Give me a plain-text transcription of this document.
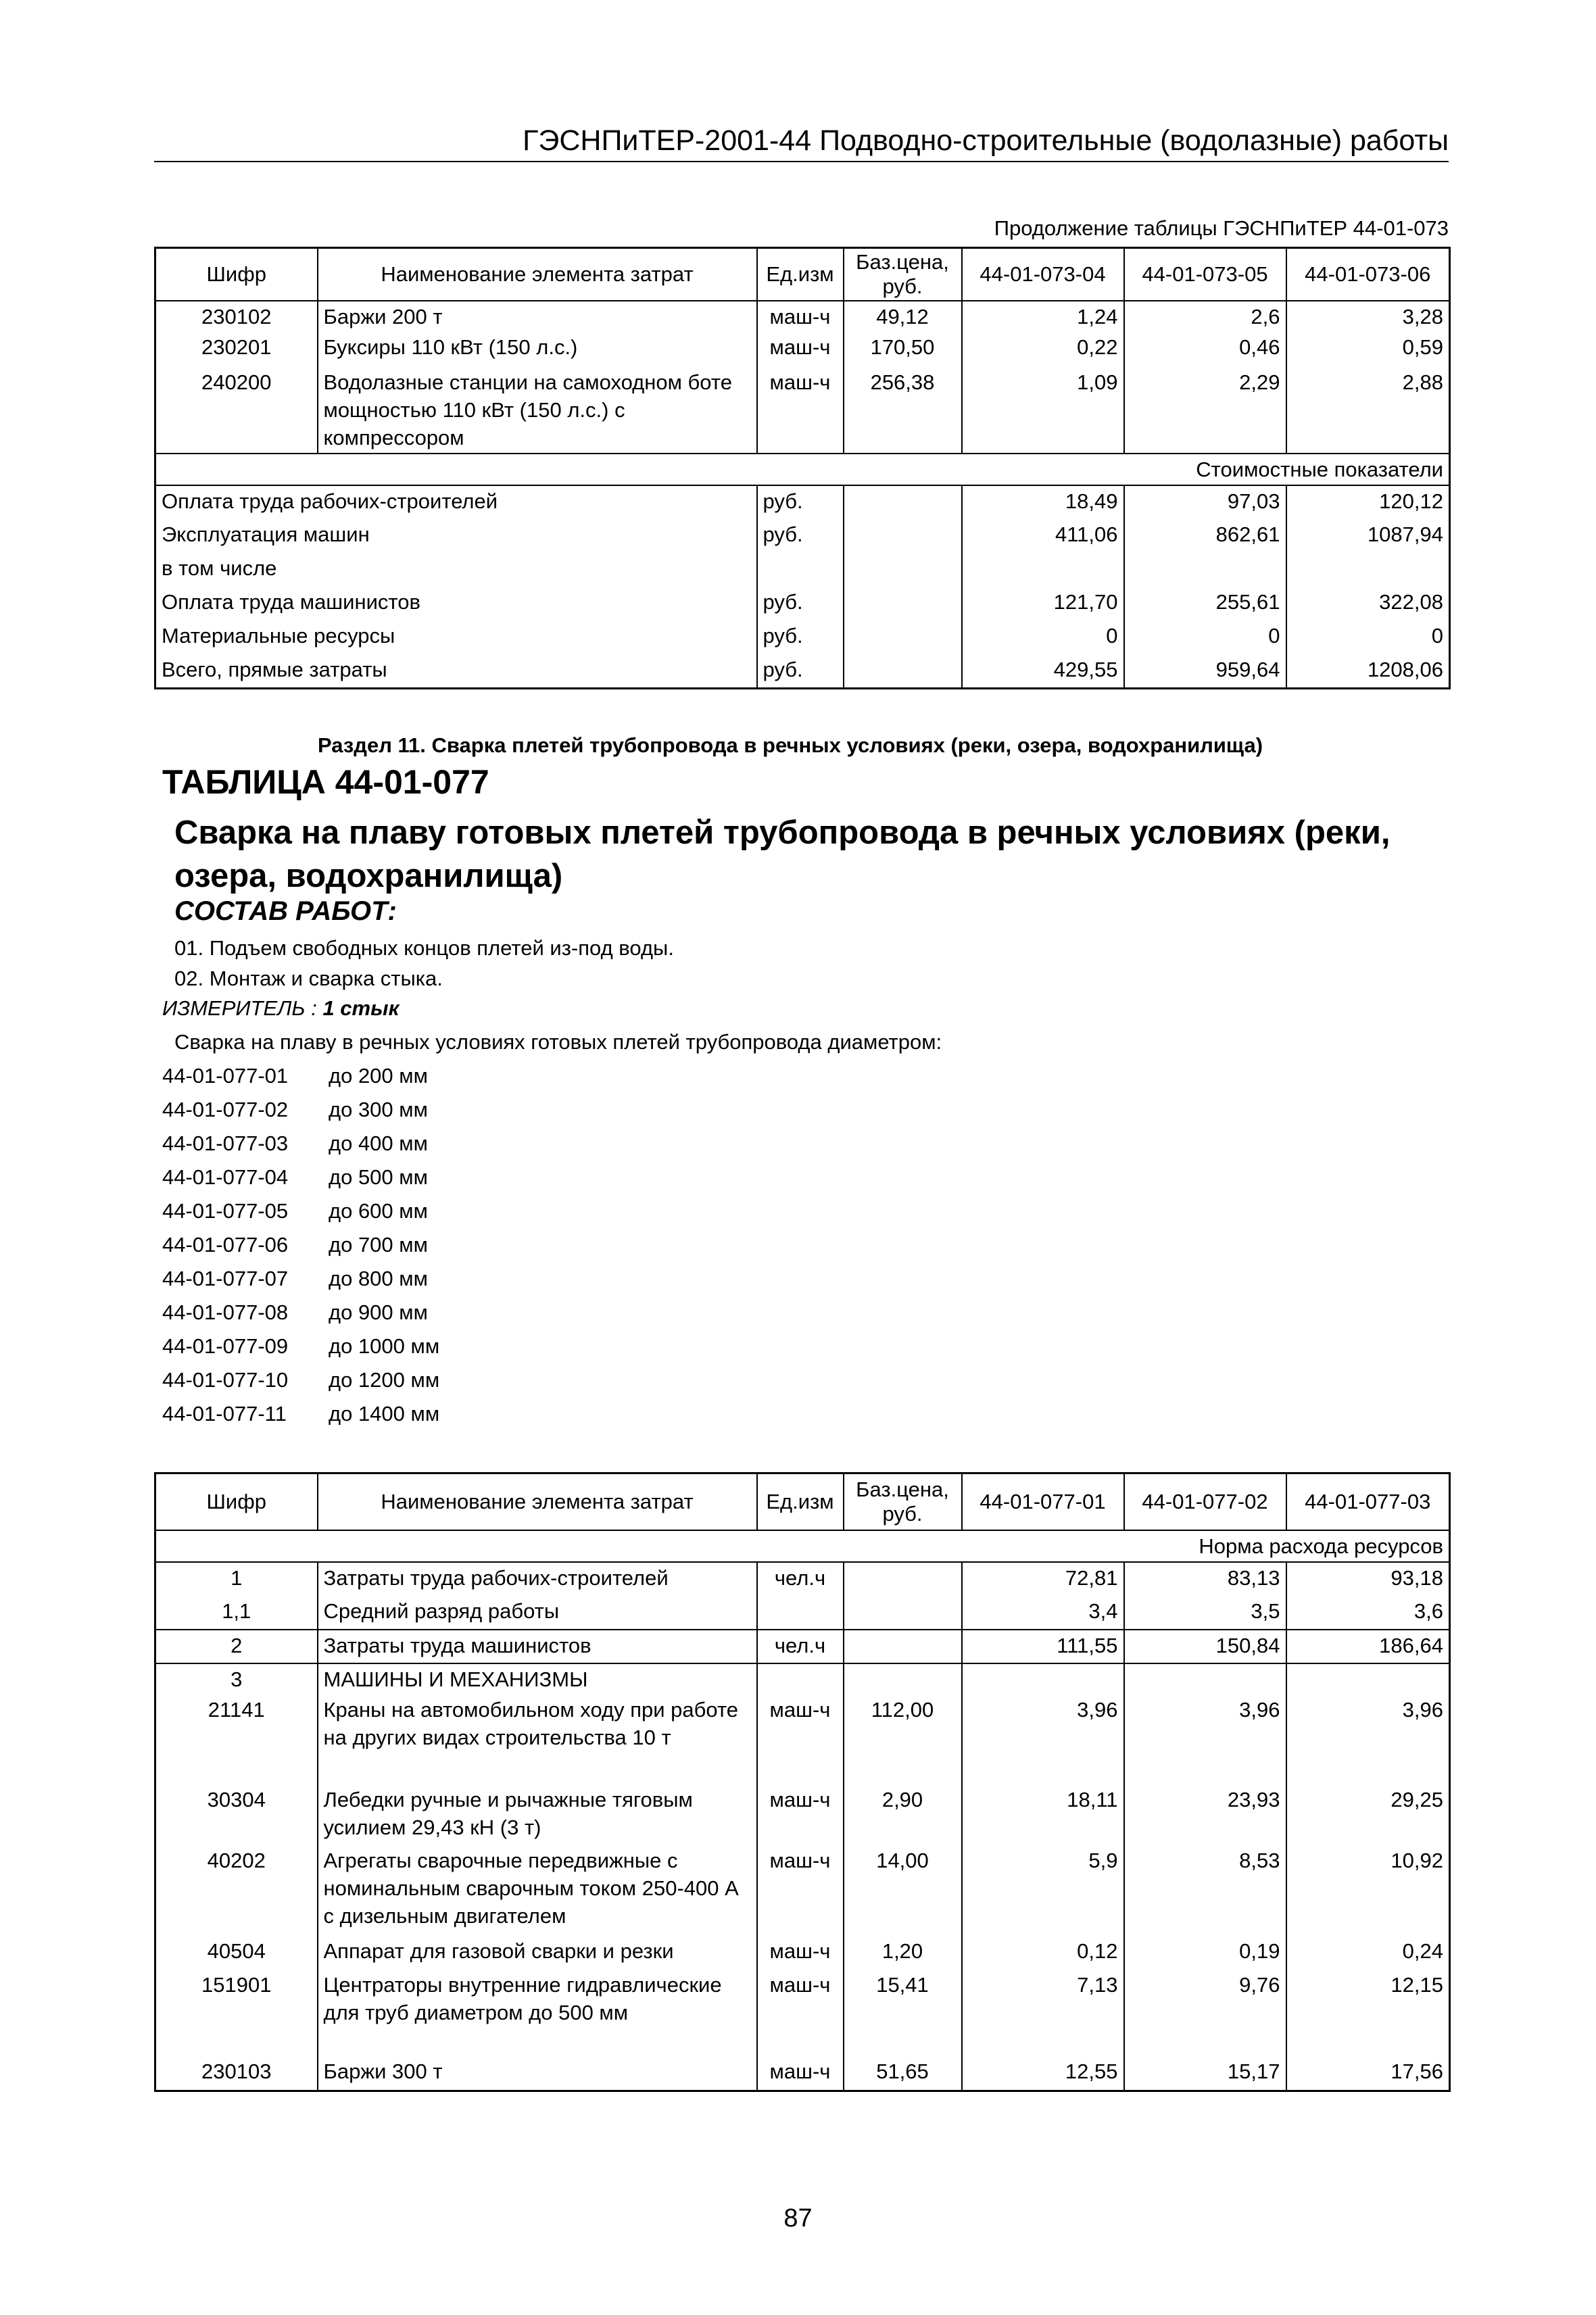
ГЭСНПиТЕР-2001-44 Подводно-строительные (водолазные) работы
Продолжение таблицы ГЭСНПиТЕР 44-01-073
Шифр	Наименование элемента затрат	Ед.изм	Баз.цена, руб.	44-01-073-04	44-01-073-05	44-01-073-06
230102	Баржи 200 т	маш-ч	49,12	1,24	2,6	3,28
230201	Буксиры 110 кВт (150 л.с.)	маш-ч	170,50	0,22	0,46	0,59
240200	Водолазные станции на самоходном боте мощностью 110 кВт (150 л.с.) с компрессором	маш-ч	256,38	1,09	2,29	2,88
Стоимостные показатели						
Оплата труда рабочих-строителей		руб.		18,49	97,03	120,12
Эксплуатация машин		руб.		411,06	862,61	1087,94
в том числе						
Оплата труда машинистов		руб.		121,70	255,61	322,08
Материальные ресурсы		руб.		0	0	0
Всего, прямые затраты		руб.		429,55	959,64	1208,06
Раздел 11. Сварка плетей трубопровода в речных условиях (реки, озера, водохранилища)
ТАБЛИЦА 44-01-077
Сварка на плаву готовых плетей трубопровода в речных условиях (реки, озера, водохранилища)
СОСТАВ РАБОТ:
01. Подъем свободных концов плетей из-под воды.
02. Монтаж и сварка стыка.
ИЗМЕРИТЕЛЬ : 1 стык
Сварка на плаву в речных условиях готовых плетей трубопровода диаметром:
44-01-077-01 до 200 мм
44-01-077-02 до 300 мм
44-01-077-03 до 400 мм
44-01-077-04 до 500 мм
44-01-077-05 до 600 мм
44-01-077-06 до 700 мм
44-01-077-07 до 800 мм
44-01-077-08 до 900 мм
44-01-077-09 до 1000 мм
44-01-077-10 до 1200 мм
44-01-077-11 до 1400 мм
Шифр	Наименование элемента затрат	Ед.изм	Баз.цена, руб.	44-01-077-01	44-01-077-02	44-01-077-03
Норма расхода ресурсов						
1	Затраты труда рабочих-строителей	чел.ч		72,81	83,13	93,18
1,1	Средний разряд работы			3,4	3,5	3,6
2	Затраты труда машинистов	чел.ч		111,55	150,84	186,64
3	МАШИНЫ И МЕХАНИЗМЫ					
21141	Краны на автомобильном ходу при работе на других видах строительства 10 т	маш-ч	112,00	3,96	3,96	3,96
30304	Лебедки ручные и рычажные тяговым усилием 29,43 кН (3 т)	маш-ч	2,90	18,11	23,93	29,25
40202	Агрегаты сварочные передвижные с номинальным сварочным током 250-400 А с дизельным двигателем	маш-ч	14,00	5,9	8,53	10,92
40504	Аппарат для газовой сварки и резки	маш-ч	1,20	0,12	0,19	0,24
151901	Центраторы внутренние гидравлические для труб диаметром до 500 мм	маш-ч	15,41	7,13	9,76	12,15
230103	Баржи 300 т	маш-ч	51,65	12,55	15,17	17,56
87
